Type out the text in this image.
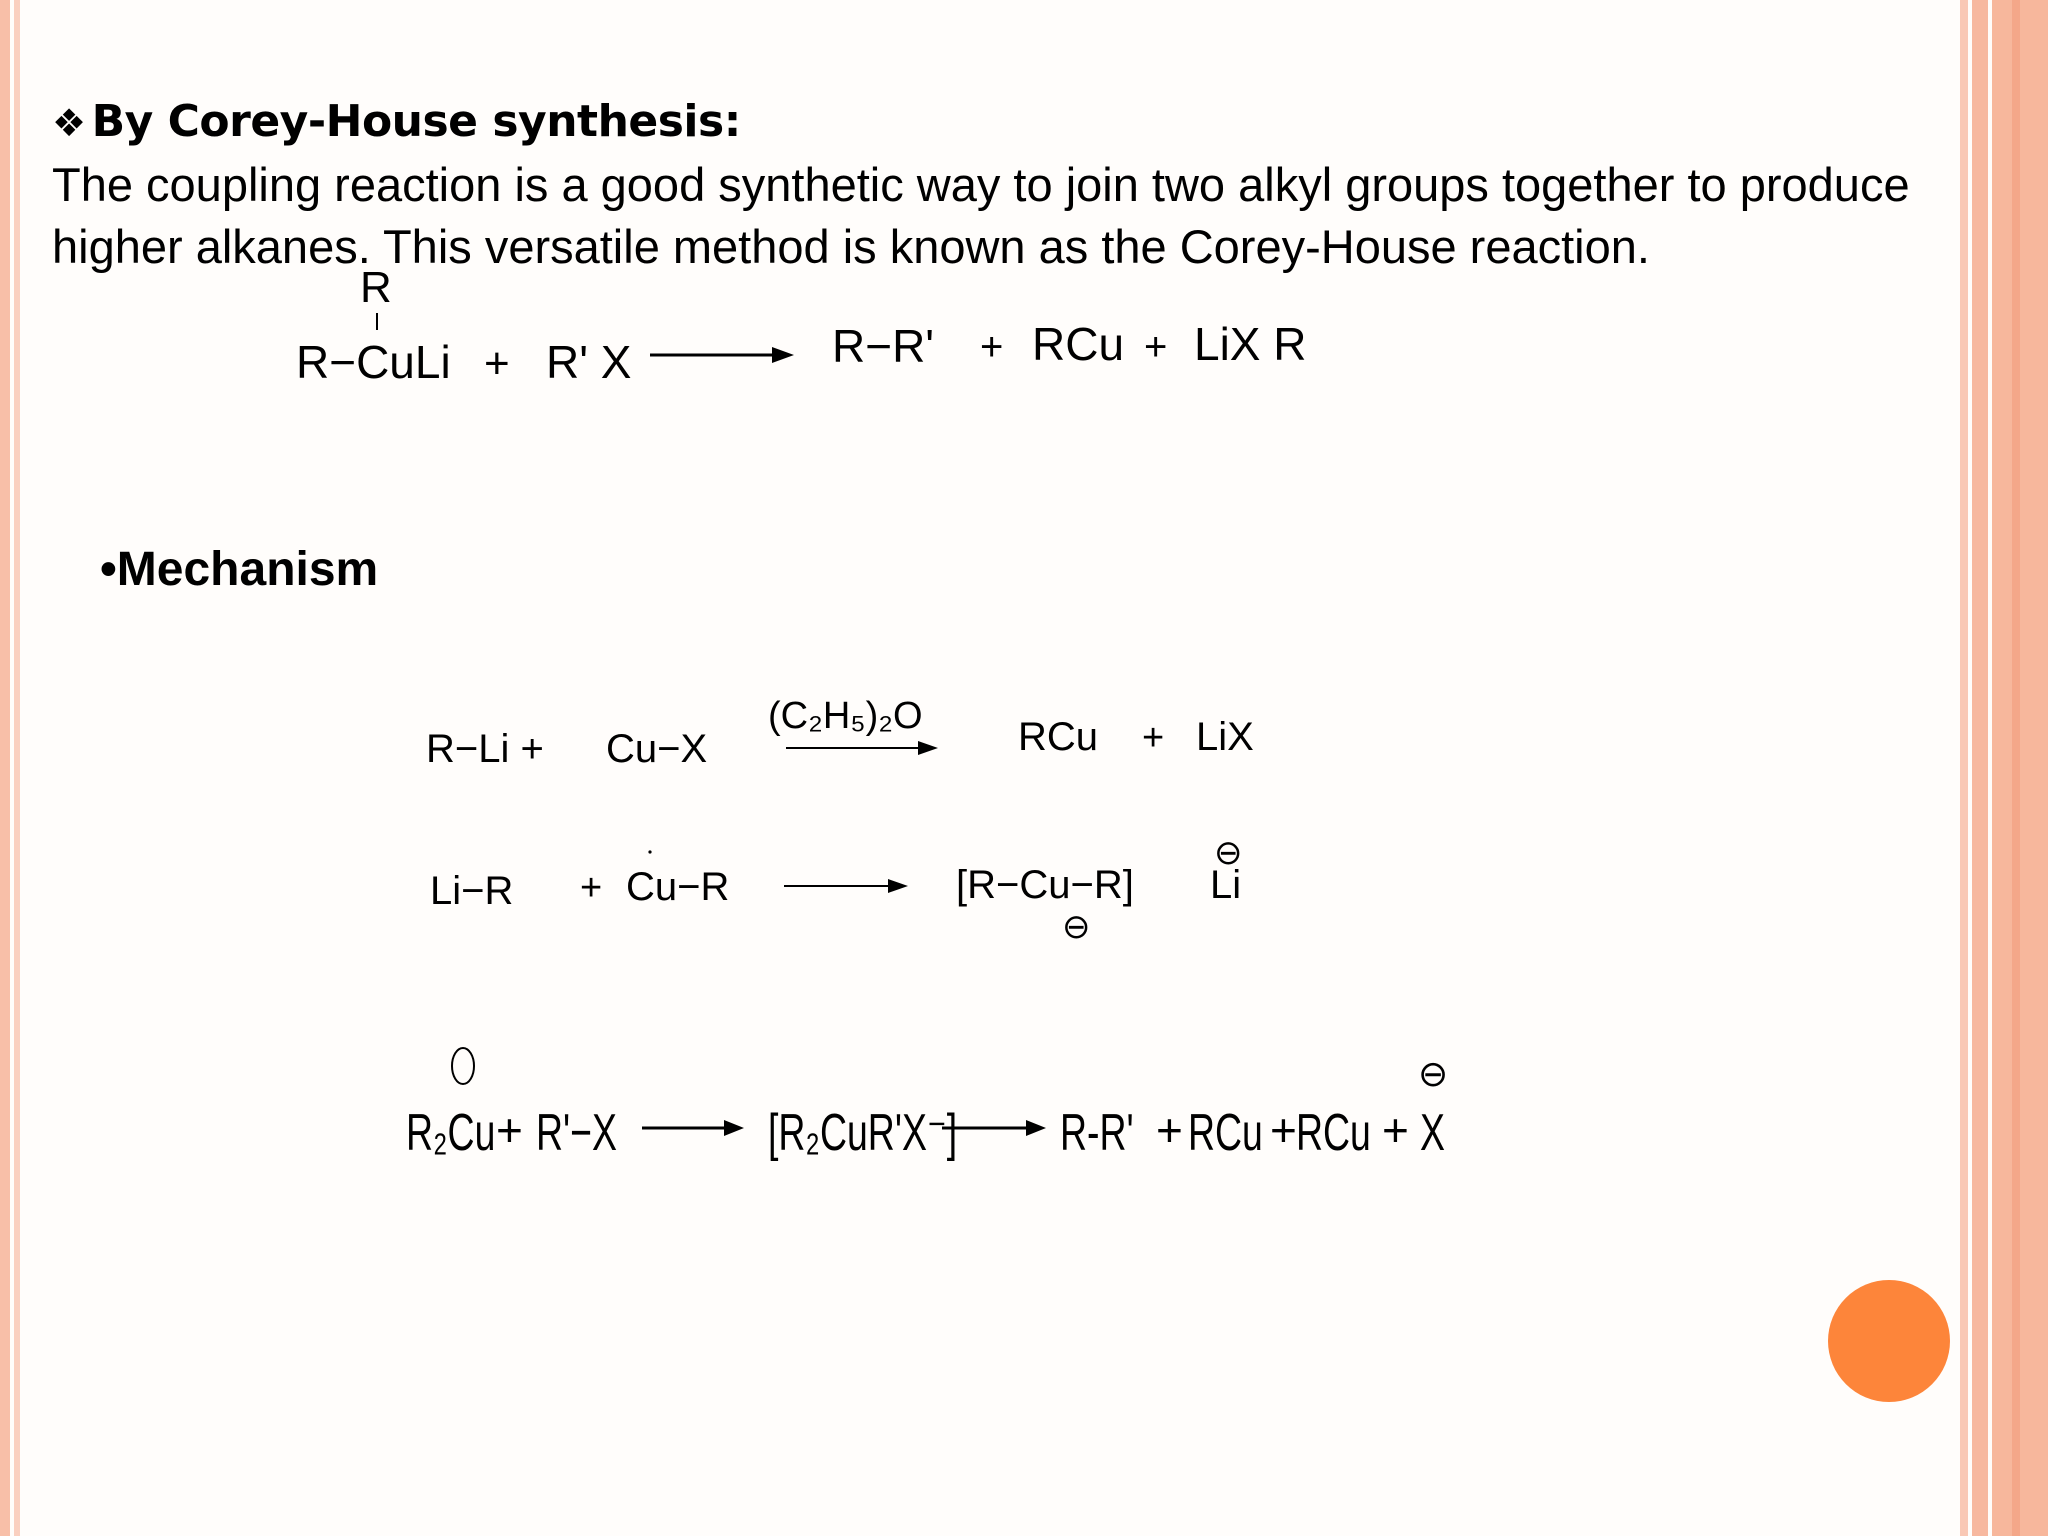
❖ By Corey-House synthesis:
The coupling reaction is a good synthetic way to join two alkyl groups together to produce higher alkanes. This versatile method is known as the Corey-House reaction.
•Mechanism
R
R−CuLi + R' X	R−R' + RCu + LiX R
R−Li + Cu−X
(C₂H₅)₂O RCu + LiX
Li−R + Cu−R	[R−Cu−R] Li
⊖
⊖
R₂Cu + R'−X	[R₂CuR'X⁻] R-R' + RCu + RCu + X
⊖
